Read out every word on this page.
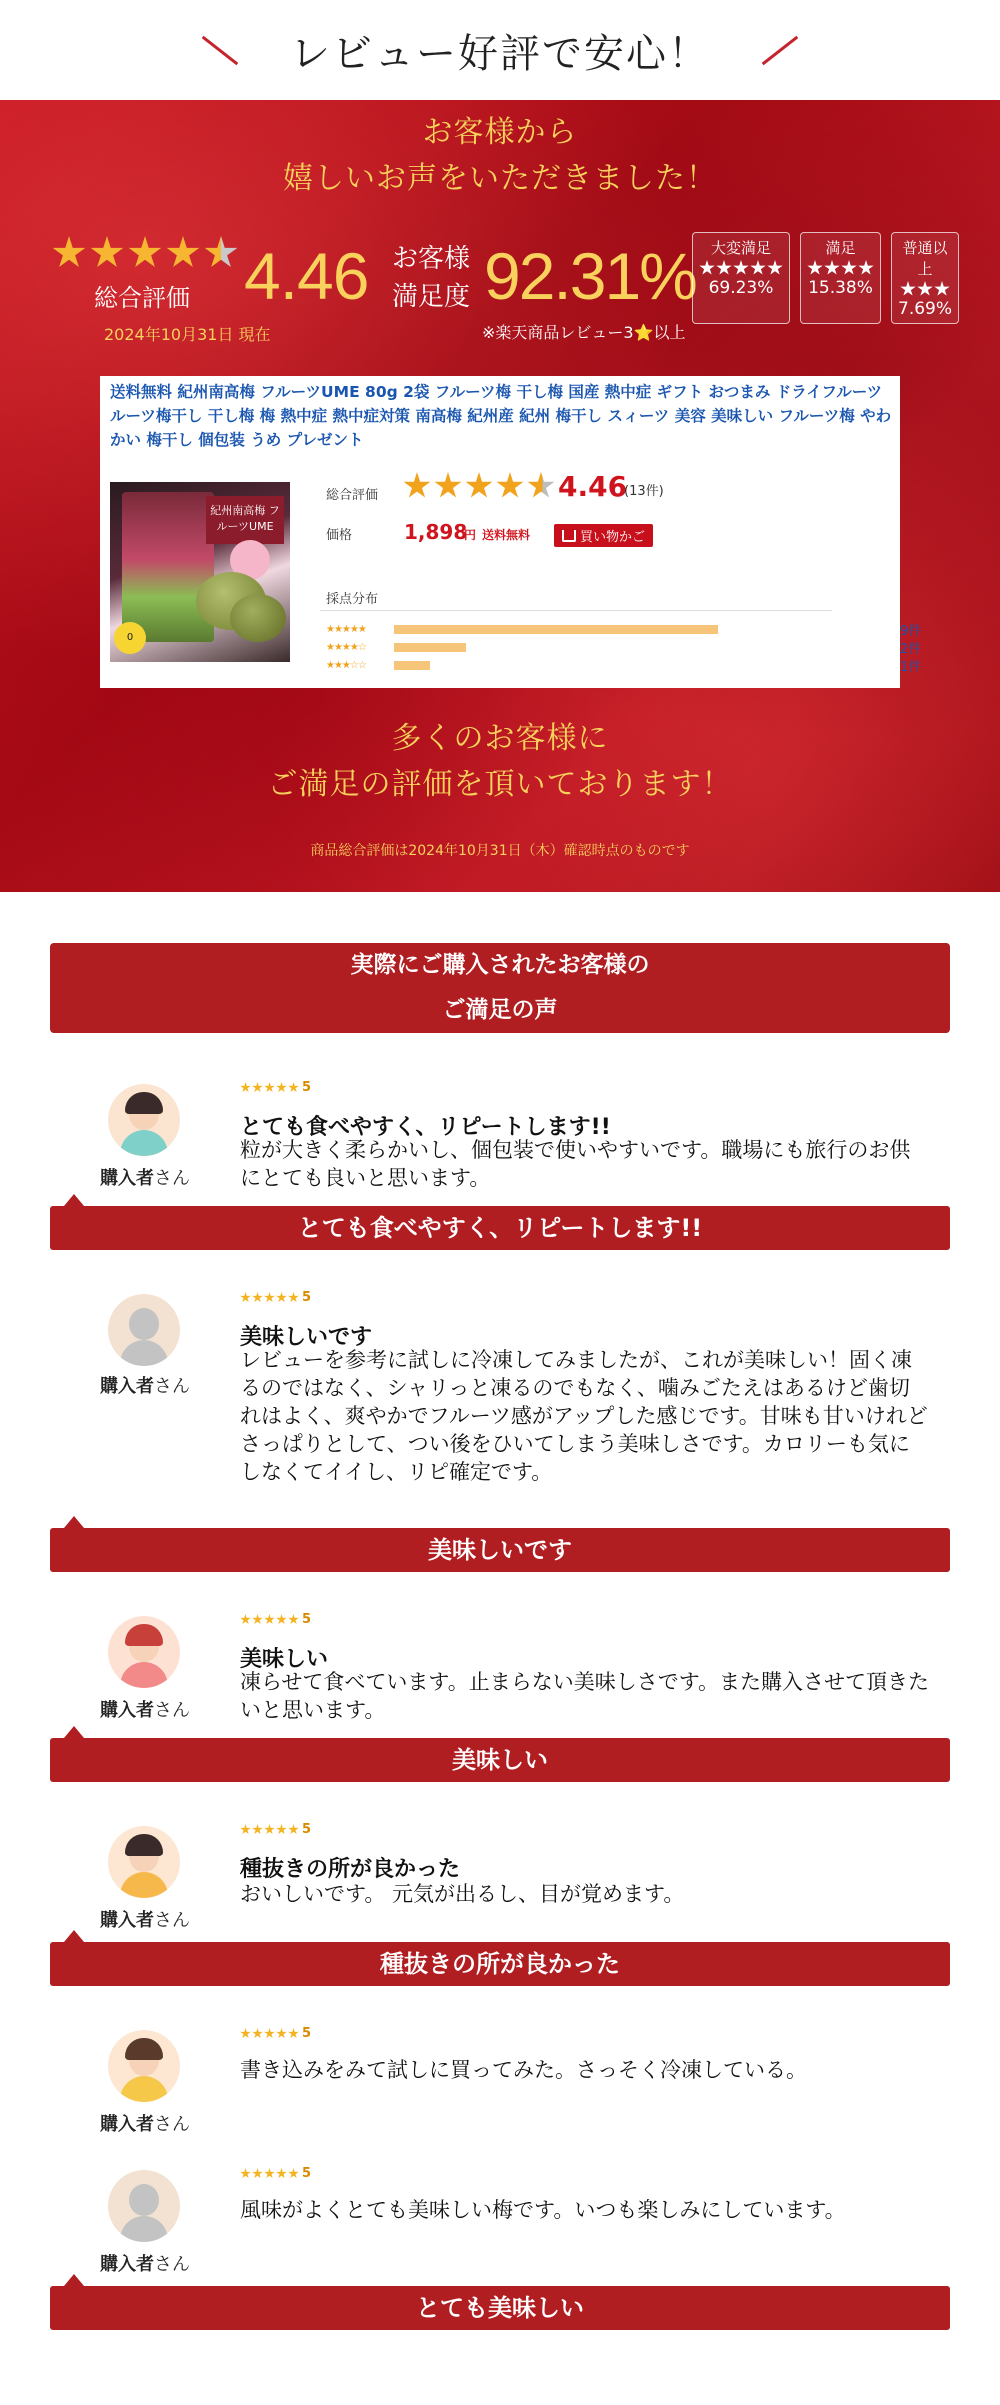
レビュー好評で安心！
お客様から
嬉しいお声をいただきました！
総合評価
2024年10月31日 現在
4.46 お客様
満足度 92.31%	大変満足
69.23%
満足
15.38%
普通以上
7.69%
※楽天商品レビュー3⭐以上
送料無料 紀州南高梅 フルーツUME 80g 2袋 フルーツ梅 干し梅 国産 熱中症 ギフト おつまみ ドライフルーツ ルーツ梅干し 干し梅 梅 熱中症 熱中症対策 南高梅 紀州産 紀州 梅干し スィーツ 美容 美味しい フルーツ梅 やわかい 梅干し 個包装 うめ プレゼント
紀州南高梅 フルーツUME
0
総合評価	4.46
(13件)
価格	1,898
円 送料無料	買い物かご
採点分布
★★★★★	9件
★★★★☆	2件
★★★☆☆	1件
多くのお客様に
ご満足の評価を頂いております！
商品総合評価は2024年10月31日（木）確認時点のものです
実際にご購入されたお客様の
ご満足の声
購入者さん
5
とても食べやすく、リピートします!!
粒が大きく柔らかいし、個包装で使いやすいです。職場にも旅行のお供にとても良いと思います。
とても食べやすく、リピートします!!
購入者さん
5
美味しいです
レビューを参考に試しに冷凍してみましたが、これが美味しい！固く凍るのではなく、シャリっと凍るのでもなく、噛みごたえはあるけど歯切れはよく、爽やかでフルーツ感がアップした感じです。甘味も甘いけれどさっぱりとして、つい後をひいてしまう美味しさです。カロリーも気にしなくてイイし、リピ確定です。
美味しいです
購入者さん
5
美味しい
凍らせて食べています。止まらない美味しさです。また購入させて頂きたいと思います。
美味しい
購入者さん
5
種抜きの所が良かった
おいしいです。 元気が出るし、目が覚めます。
種抜きの所が良かった
購入者さん
5
書き込みをみて試しに買ってみた。さっそく冷凍している。
購入者さん
5
風味がよくとても美味しい梅です。いつも楽しみにしています。
とても美味しい
